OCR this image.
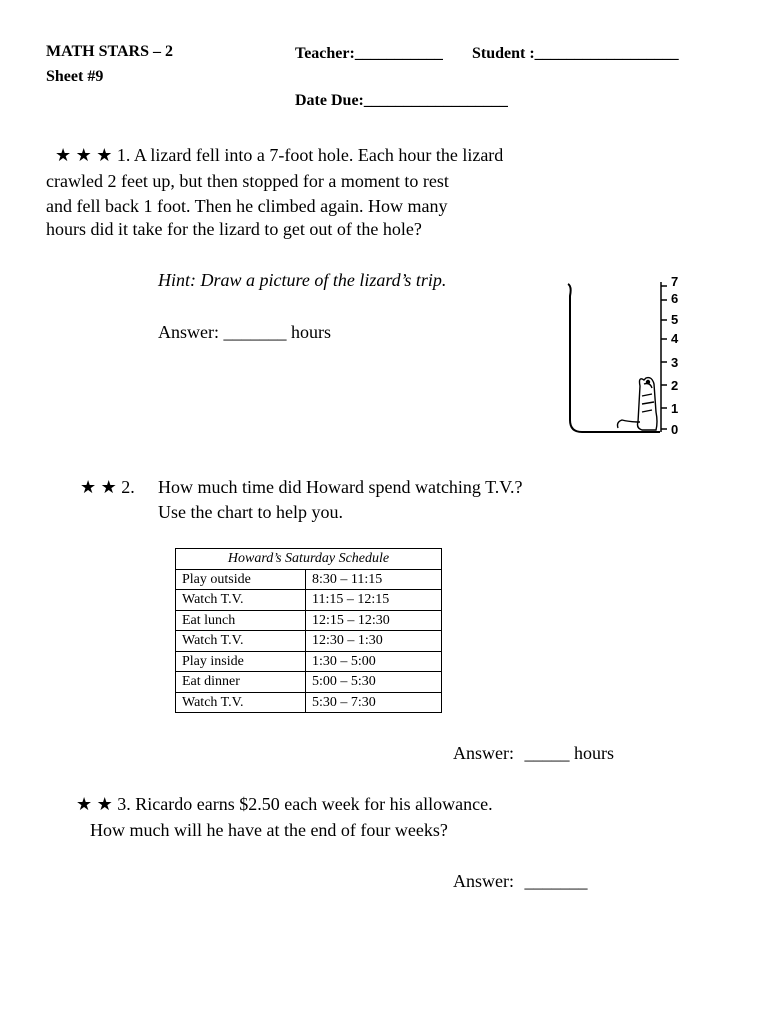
MATH STARS – 2
Sheet #9
Teacher:___________ Student :__________________
Date Due:__________________
★ ★ ★ 1. A lizard fell into a 7-foot hole. Each hour the lizard
crawled 2 feet up, but then stopped for a moment to rest
and fell back 1 foot. Then he climbed again. How many
hours did it take for the lizard to get out of the hole?
Hint: Draw a picture of the lizard’s trip.
Answer: _______ hours
7
6
5
4
3
2
1
0
★ ★ 2. How much time did Howard spend watching T.V.?
Use the chart to help you.
Howard’s Saturday Schedule	
Play outside	8:30 – 11:15
Watch T.V.	11:15 – 12:15
Eat lunch	12:15 – 12:30
Watch T.V.	12:30 – 1:30
Play inside	1:30 – 5:00
Eat dinner	5:00 – 5:30
Watch T.V.	5:30 – 7:30
Answer: _____ hours
★ ★ 3. Ricardo earns $2.50 each week for his allowance.
How much will he have at the end of four weeks?
Answer: _______
